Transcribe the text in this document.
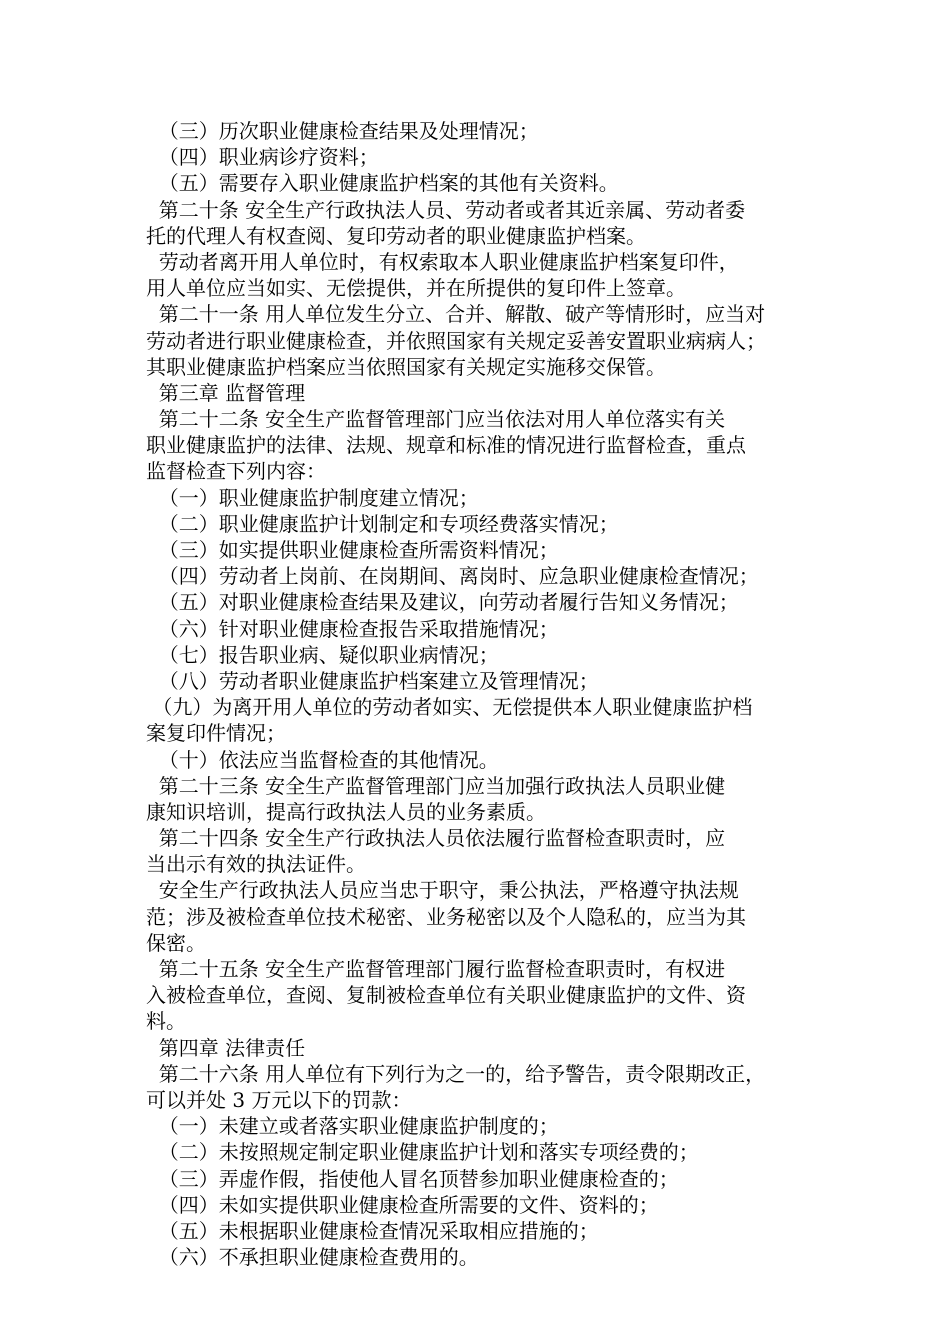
（三）历次职业健康检查结果及处理情况；
（四）职业病诊疗资料；
（五）需要存入职业健康监护档案的其他有关资料。
第二十条 安全生产行政执法人员、劳动者或者其近亲属、劳动者委
托的代理人有权查阅、复印劳动者的职业健康监护档案。
劳动者离开用人单位时，有权索取本人职业健康监护档案复印件，
用人单位应当如实、无偿提供，并在所提供的复印件上签章。
第二十一条 用人单位发生分立、合并、解散、破产等情形时，应当对
劳动者进行职业健康检查，并依照国家有关规定妥善安置职业病病人；
其职业健康监护档案应当依照国家有关规定实施移交保管。
第三章 监督管理
第二十二条 安全生产监督管理部门应当依法对用人单位落实有关
职业健康监护的法律、法规、规章和标准的情况进行监督检查，重点
监督检查下列内容：
（一）职业健康监护制度建立情况；
（二）职业健康监护计划制定和专项经费落实情况；
（三）如实提供职业健康检查所需资料情况；
（四）劳动者上岗前、在岗期间、离岗时、应急职业健康检查情况；
（五）对职业健康检查结果及建议，向劳动者履行告知义务情况；
（六）针对职业健康检查报告采取措施情况；
（七）报告职业病、疑似职业病情况；
（八）劳动者职业健康监护档案建立及管理情况；
（九）为离开用人单位的劳动者如实、无偿提供本人职业健康监护档
案复印件情况；
（十）依法应当监督检查的其他情况。
第二十三条 安全生产监督管理部门应当加强行政执法人员职业健
康知识培训，提高行政执法人员的业务素质。
第二十四条 安全生产行政执法人员依法履行监督检查职责时，应
当出示有效的执法证件。
安全生产行政执法人员应当忠于职守，秉公执法，严格遵守执法规
范；涉及被检查单位技术秘密、业务秘密以及个人隐私的，应当为其
保密。
第二十五条 安全生产监督管理部门履行监督检查职责时，有权进
入被检查单位，查阅、复制被检查单位有关职业健康监护的文件、资
料。
第四章 法律责任
第二十六条 用人单位有下列行为之一的，给予警告，责令限期改正，
可以并处 3 万元以下的罚款：
（一）未建立或者落实职业健康监护制度的；
（二）未按照规定制定职业健康监护计划和落实专项经费的；
（三）弄虚作假，指使他人冒名顶替参加职业健康检查的；
（四）未如实提供职业健康检查所需要的文件、资料的；
（五）未根据职业健康检查情况采取相应措施的；
（六）不承担职业健康检查费用的。
